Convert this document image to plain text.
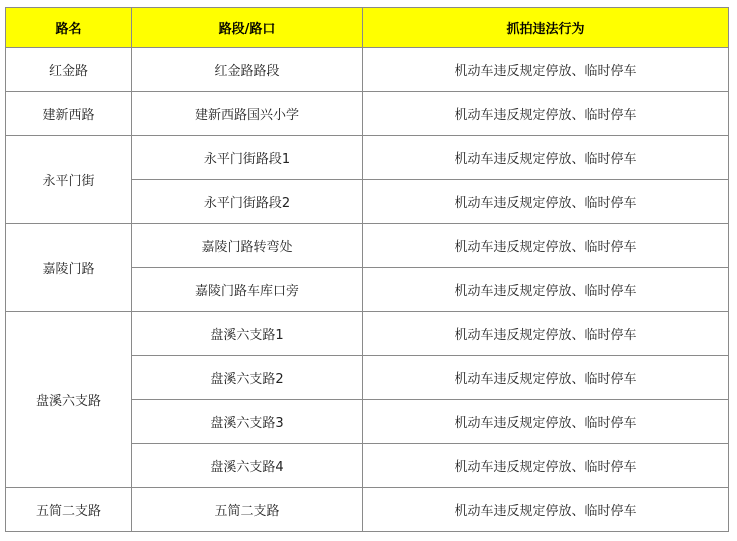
路名	路段/路口	抓拍违法行为
红金路	红金路路段	机动车违反规定停放、临时停车
建新西路	建新西路国兴小学	机动车违反规定停放、临时停车
永平门街	永平门街路段1	机动车违反规定停放、临时停车
	永平门街路段2	机动车违反规定停放、临时停车
嘉陵门路	嘉陵门路转弯处	机动车违反规定停放、临时停车
	嘉陵门路车库口旁	机动车违反规定停放、临时停车
盘溪六支路	盘溪六支路1	机动车违反规定停放、临时停车
	盘溪六支路2	机动车违反规定停放、临时停车
	盘溪六支路3	机动车违反规定停放、临时停车
	盘溪六支路4	机动车违反规定停放、临时停车
五简二支路	五简二支路	机动车违反规定停放、临时停车
